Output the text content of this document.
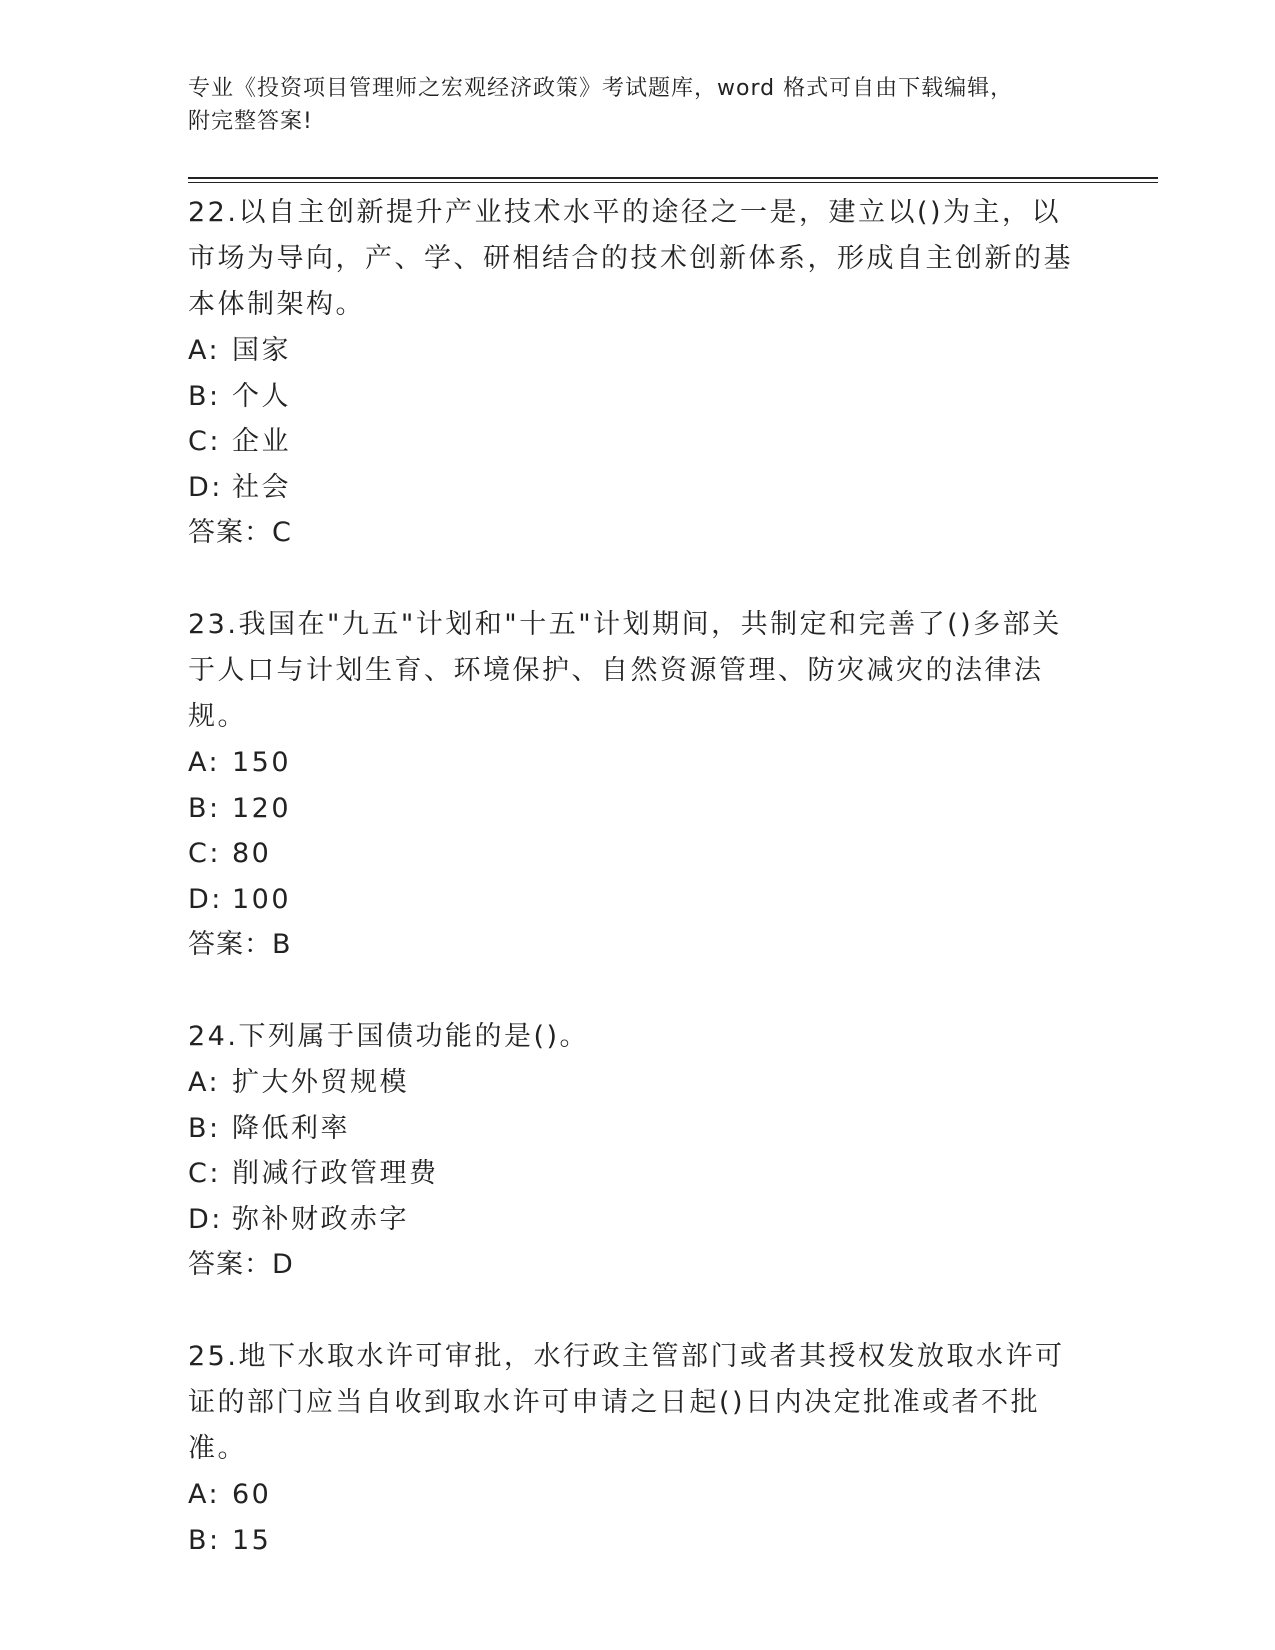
专业《投资项目管理师之宏观经济政策》考试题库，word 格式可自由下载编辑，
附完整答案!

22.以自主创新提升产业技术水平的途径之一是，建立以()为主，以市场为导向，产、学、研相结合的技术创新体系，形成自主创新的基本体制架构。

A: 国家
B: 个人
C: 企业
D: 社会
答案：C

23.我国在"九五"计划和"十五"计划期间，共制定和完善了()多部关于人口与计划生育、环境保护、自然资源管理、防灾减灾的法律法规。

A: 150
B: 120
C: 80
D: 100
答案：B

24.下列属于国债功能的是()。

A: 扩大外贸规模
B: 降低利率
C: 削减行政管理费
D: 弥补财政赤字
答案：D

25.地下水取水许可审批，水行政主管部门或者其授权发放取水许可证的部门应当自收到取水许可申请之日起()日内决定批准或者不批准。

A: 60
B: 15
